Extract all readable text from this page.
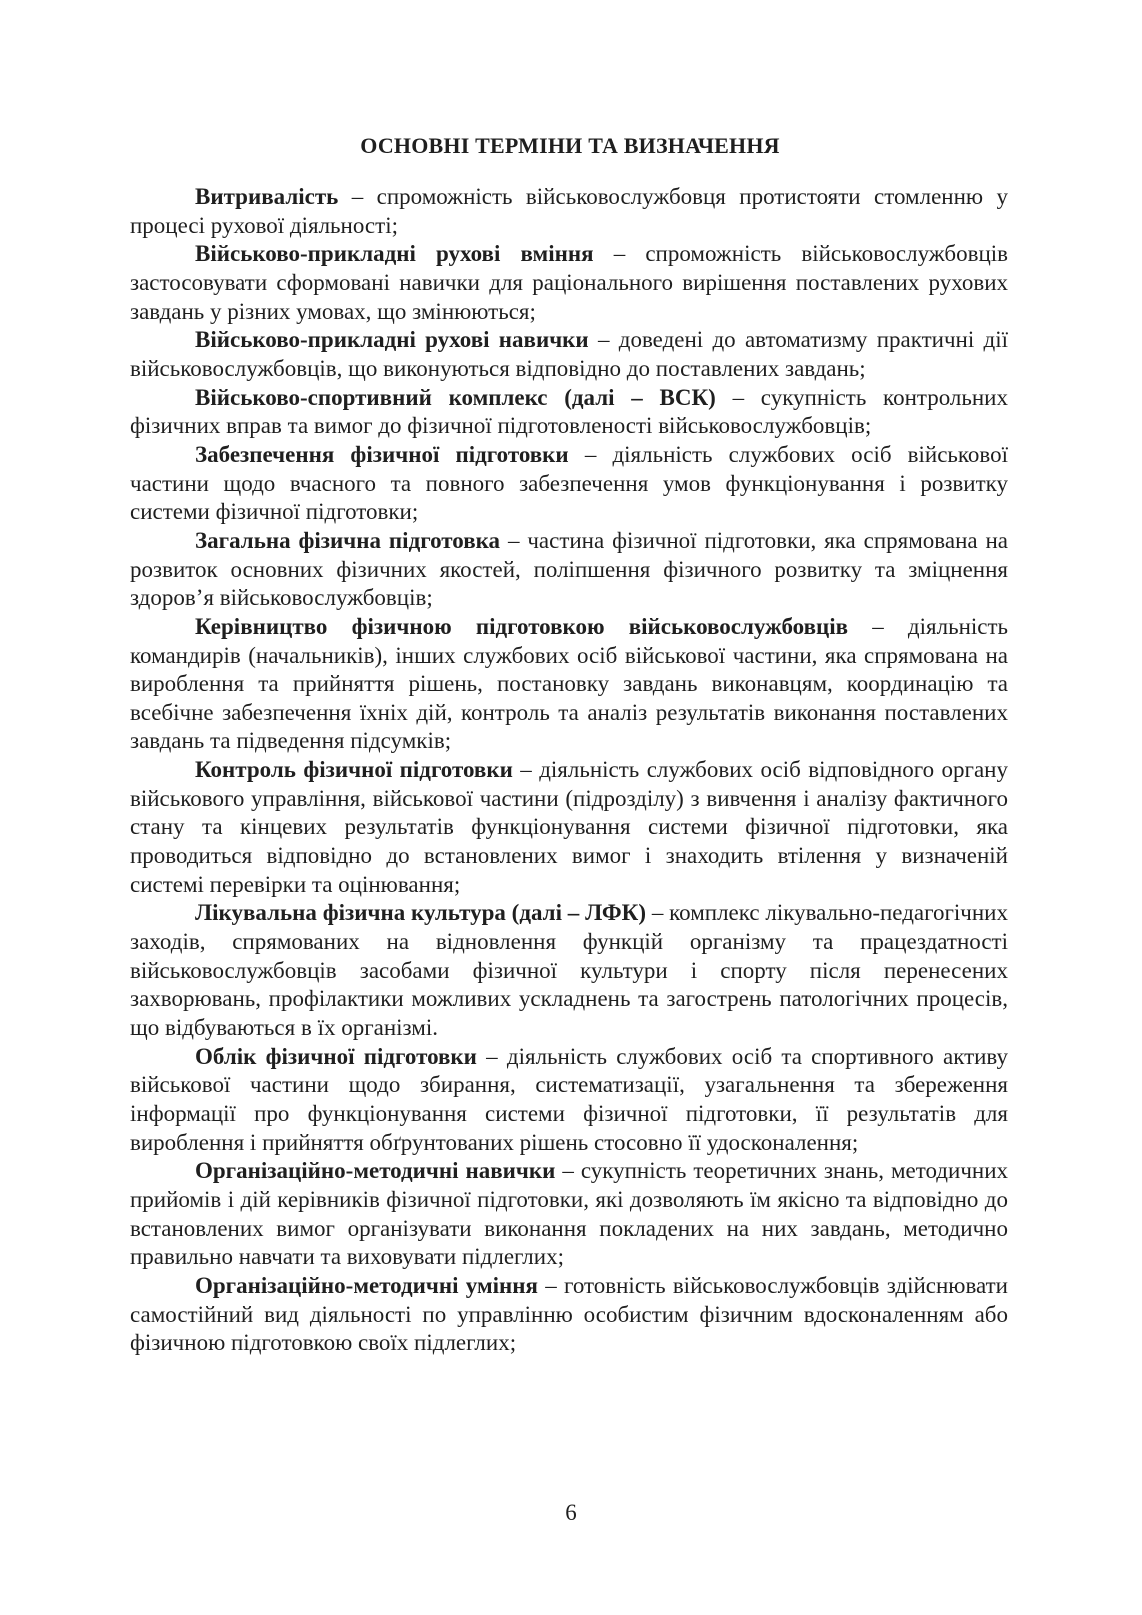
ОСНОВНІ ТЕРМІНИ ТА ВИЗНАЧЕННЯ

Витривалість – спроможність військовослужбовця протистояти стомленню у процесі рухової діяльності;

Військово-прикладні рухові вміння – спроможність військовослужбовців застосовувати сформовані навички для раціонального вирішення поставлених рухових завдань у різних умовах, що змінюються;

Військово-прикладні рухові навички – доведені до автоматизму практичні дії військовослужбовців, що виконуються відповідно до поставлених завдань;

Військово-спортивний комплекс (далі – ВСК) – сукупність контрольних фізичних вправ та вимог до фізичної підготовленості військовослужбовців;

Забезпечення фізичної підготовки – діяльність службових осіб військової частини щодо вчасного та повного забезпечення умов функціонування і розвитку системи фізичної підготовки;

Загальна фізична підготовка – частина фізичної підготовки, яка спрямована на розвиток основних фізичних якостей, поліпшення фізичного розвитку та зміцнення здоров’я військовослужбовців;

Керівництво фізичною підготовкою військовослужбовців – діяльність командирів (начальників), інших службових осіб військової частини, яка спрямована на вироблення та прийняття рішень, постановку завдань виконавцям, координацію та всебічне забезпечення їхніх дій, контроль та аналіз результатів виконання поставлених завдань та підведення підсумків;

Контроль фізичної підготовки – діяльність службових осіб відповідного органу військового управління, військової частини (підрозділу) з вивчення і аналізу фактичного стану та кінцевих результатів функціонування системи фізичної підготовки, яка проводиться відповідно до встановлених вимог і знаходить втілення у визначеній системі перевірки та оцінювання;

Лікувальна фізична культура (далі – ЛФК) – комплекс лікувально-педагогічних заходів, спрямованих на відновлення функцій організму та працездатності військовослужбовців засобами фізичної культури і спорту після перенесених захворювань, профілактики можливих ускладнень та загострень патологічних процесів, що відбуваються в їх організмі.

Облік фізичної підготовки – діяльність службових осіб та спортивного активу військової частини щодо збирання, систематизації, узагальнення та збереження інформації про функціонування системи фізичної підготовки, її результатів для вироблення і прийняття обґрунтованих рішень стосовно її удосконалення;

Організаційно-методичні навички – сукупність теоретичних знань, методичних прийомів і дій керівників фізичної підготовки, які дозволяють їм якісно та відповідно до встановлених вимог організувати виконання покладених на них завдань, методично правильно навчати та виховувати підлеглих;

Організаційно-методичні уміння – готовність військовослужбовців здійснювати самостійний вид діяльності по управлінню особистим фізичним вдосконаленням або фізичною підготовкою своїх підлеглих;

6
